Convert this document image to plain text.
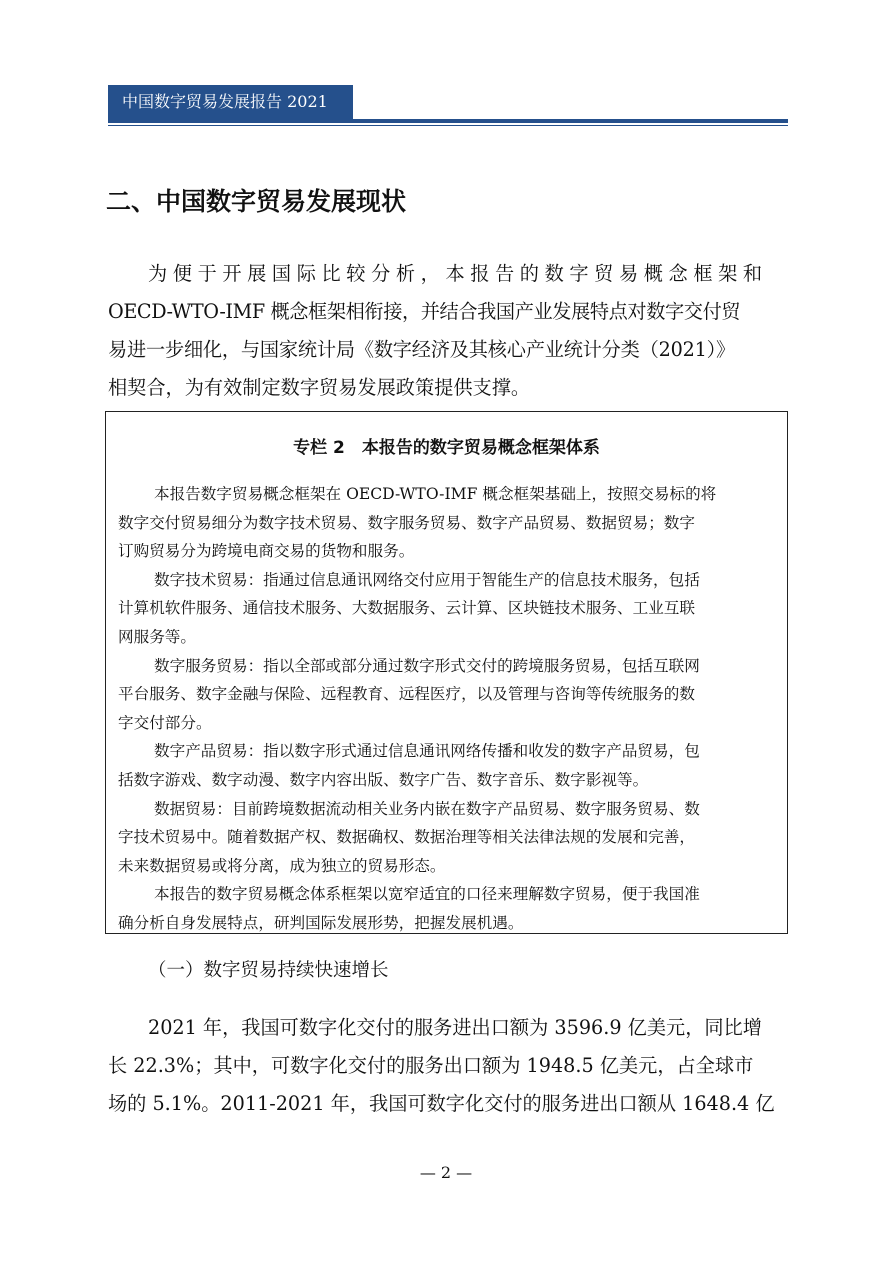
中国数字贸易发展报告 2021
二、中国数字贸易发展现状
为便于开展国际比较分析，本报告的数字贸易概念框架和
OECD-WTO-IMF 概念框架相衔接，并结合我国产业发展特点对数字交付贸
易进一步细化，与国家统计局《数字经济及其核心产业统计分类（2021）》
相契合，为有效制定数字贸易发展政策提供支撑。
专栏 2　本报告的数字贸易概念框架体系
本报告数字贸易概念框架在 OECD-WTO-IMF 概念框架基础上，按照交易标的将
数字交付贸易细分为数字技术贸易、数字服务贸易、数字产品贸易、数据贸易；数字
订购贸易分为跨境电商交易的货物和服务。
数字技术贸易：指通过信息通讯网络交付应用于智能生产的信息技术服务，包括
计算机软件服务、通信技术服务、大数据服务、云计算、区块链技术服务、工业互联
网服务等。
数字服务贸易：指以全部或部分通过数字形式交付的跨境服务贸易，包括互联网
平台服务、数字金融与保险、远程教育、远程医疗，以及管理与咨询等传统服务的数
字交付部分。
数字产品贸易：指以数字形式通过信息通讯网络传播和收发的数字产品贸易，包
括数字游戏、数字动漫、数字内容出版、数字广告、数字音乐、数字影视等。
数据贸易：目前跨境数据流动相关业务内嵌在数字产品贸易、数字服务贸易、数
字技术贸易中。随着数据产权、数据确权、数据治理等相关法律法规的发展和完善，
未来数据贸易或将分离，成为独立的贸易形态。
本报告的数字贸易概念体系框架以宽窄适宜的口径来理解数字贸易，便于我国准
确分析自身发展特点，研判国际发展形势，把握发展机遇。
（一）数字贸易持续快速增长
2021 年，我国可数字化交付的服务进出口额为 3596.9 亿美元，同比增
长 22.3%；其中，可数字化交付的服务出口额为 1948.5 亿美元，占全球市
场的 5.1%。2011-2021 年，我国可数字化交付的服务进出口额从 1648.4 亿
— 2 —
